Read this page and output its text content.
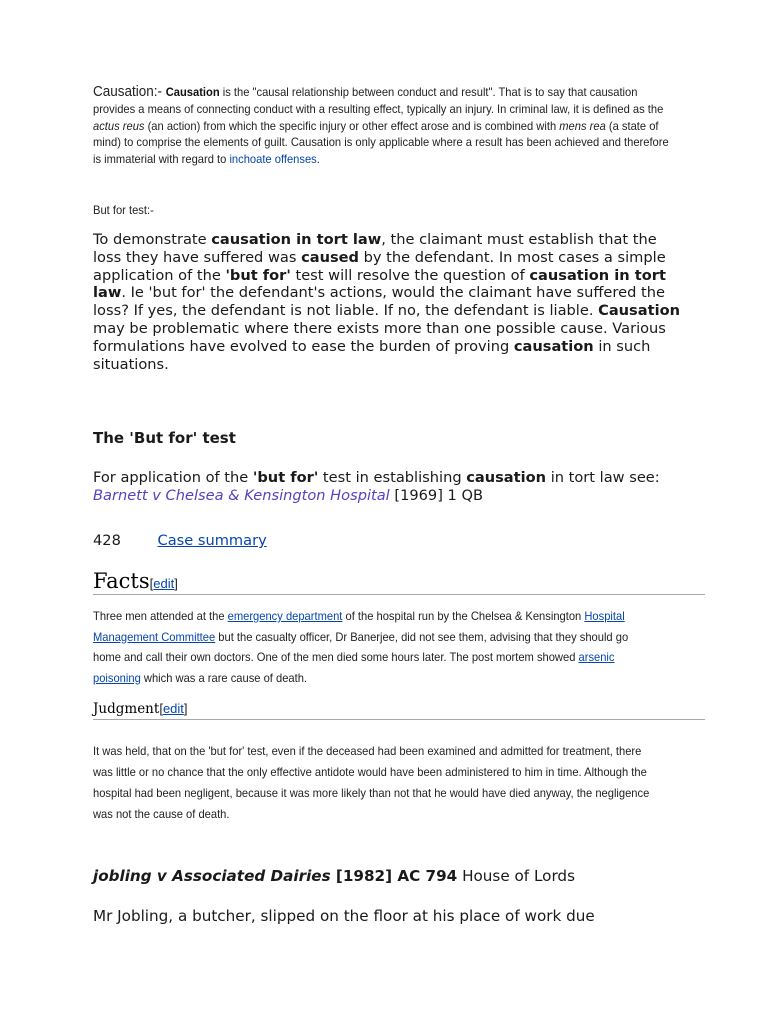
Causation:- Causation is the "causal relationship between conduct and result". That is to say that causation provides a means of connecting conduct with a resulting effect, typically an injury. In criminal law, it is defined as the actus reus (an action) from which the specific injury or other effect arose and is combined with mens rea (a state of mind) to comprise the elements of guilt. Causation is only applicable where a result has been achieved and therefore is immaterial with regard to inchoate offenses.
But for test:-
To demonstrate causation in tort law, the claimant must establish that the loss they have suffered was caused by the defendant. In most cases a simple application of the 'but for' test will resolve the question of causation in tort law. Ie 'but for' the defendant's actions, would the claimant have suffered the loss? If yes, the defendant is not liable. If no, the defendant is liable. Causation may be problematic where there exists more than one possible cause. Various formulations have evolved to ease the burden of proving causation in such situations.
The 'But for' test
For application of the 'but for' test in establishing causation in tort law see:
Barnett v Chelsea & Kensington Hospital [1969] 1 QB
428	Case summary
Facts[edit]
Three men attended at the emergency department of the hospital run by the Chelsea & Kensington Hospital Management Committee but the casualty officer, Dr Banerjee, did not see them, advising that they should go home and call their own doctors. One of the men died some hours later. The post mortem showed arsenic poisoning which was a rare cause of death.
Judgment[edit]
It was held, that on the 'but for' test, even if the deceased had been examined and admitted for treatment, there was little or no chance that the only effective antidote would have been administered to him in time. Although the hospital had been negligent, because it was more likely than not that he would have died anyway, the negligence was not the cause of death.
jobling v Associated Dairies [1982] AC 794 House of Lords
Mr Jobling, a butcher, slipped on the floor at his place of work due
